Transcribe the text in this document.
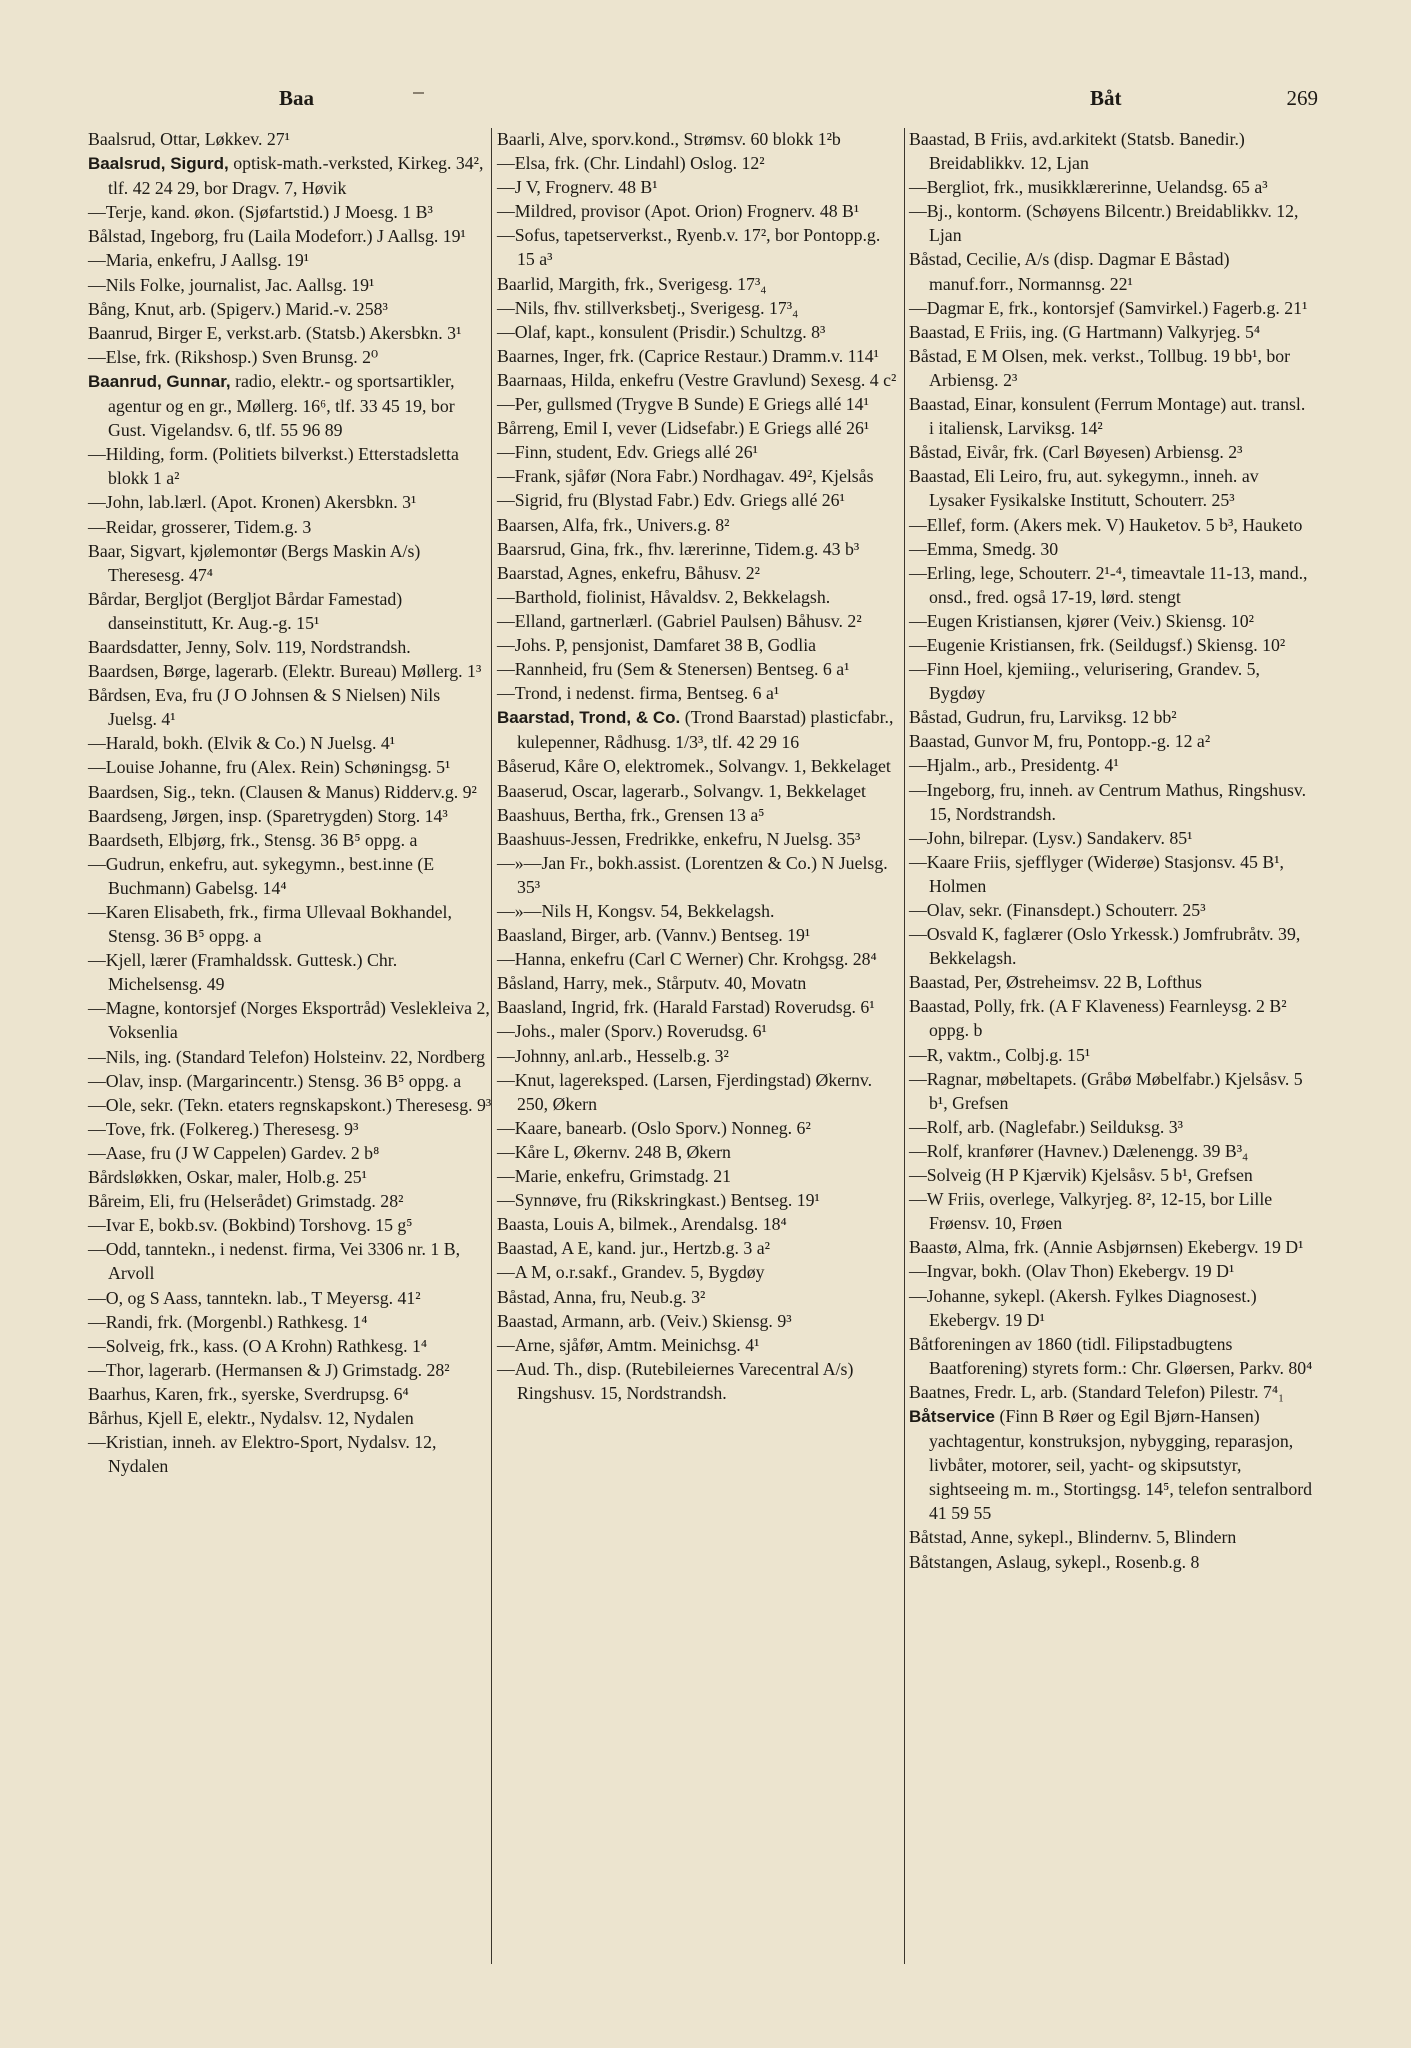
Baa	Båt	269

Baalsrud, Ottar, Løkkev. 27¹

Baalsrud, Sigurd, optisk-math.-verksted, Kirkeg. 34², tlf. 42 24 29, bor Dragv. 7, Høvik

—Terje, kand. økon. (Sjøfartstid.) J Moesg. 1 B³

Bålstad, Ingeborg, fru (Laila Modeforr.) J Aallsg. 19¹

—Maria, enkefru, J Aallsg. 19¹

—Nils Folke, journalist, Jac. Aallsg. 19¹

Bång, Knut, arb. (Spigerv.) Marid.-v. 258³

Baanrud, Birger E, verkst.arb. (Statsb.) Akersbkn. 3¹

—Else, frk. (Rikshosp.) Sven Brunsg. 2⁰

Baanrud, Gunnar, radio, elektr.- og sportsartikler, agentur og en gr., Møllerg. 16⁶, tlf. 33 45 19, bor Gust. Vigelandsv. 6, tlf. 55 96 89

—Hilding, form. (Politiets bilverkst.) Etterstadsletta blokk 1 a²

—John, lab.lærl. (Apot. Kronen) Akersbkn. 3¹

—Reidar, grosserer, Tidem.g. 3

Baar, Sigvart, kjølemontør (Bergs Maskin A/s) Theresesg. 47⁴

Bårdar, Bergljot (Bergljot Bårdar Famestad) danseinstitutt, Kr. Aug.-g. 15¹

Baardsdatter, Jenny, Solv. 119, Nordstrandsh.

Baardsen, Børge, lagerarb. (Elektr. Bureau) Møllerg. 1³

Bårdsen, Eva, fru (J O Johnsen & S Nielsen) Nils Juelsg. 4¹

—Harald, bokh. (Elvik & Co.) N Juelsg. 4¹

—Louise Johanne, fru (Alex. Rein) Schøningsg. 5¹

Baardsen, Sig., tekn. (Clausen & Manus) Ridderv.g. 9²

Baardseng, Jørgen, insp. (Sparetrygden) Storg. 14³

Baardseth, Elbjørg, frk., Stensg. 36 B⁵ oppg. a

—Gudrun, enkefru, aut. sykegymn., best.inne (E Buchmann) Gabelsg. 14⁴

—Karen Elisabeth, frk., firma Ullevaal Bokhandel, Stensg. 36 B⁵ oppg. a

—Kjell, lærer (Framhaldssk. Guttesk.) Chr. Michelsensg. 49

—Magne, kontorsjef (Norges Eksportråd) Veslekleiva 2, Voksenlia

—Nils, ing. (Standard Telefon) Holsteinv. 22, Nordberg

—Olav, insp. (Margarincentr.) Stensg. 36 B⁵ oppg. a

—Ole, sekr. (Tekn. etaters regnskapskont.) Theresesg. 9³

—Tove, frk. (Folkereg.) Theresesg. 9³

—Aase, fru (J W Cappelen) Gardev. 2 b⁸

Bårdsløkken, Oskar, maler, Holb.g. 25¹

Båreim, Eli, fru (Helserådet) Grimstadg. 28²

—Ivar E, bokb.sv. (Bokbind) Torshovg. 15 g⁵

—Odd, tanntekn., i nedenst. firma, Vei 3306 nr. 1 B, Arvoll

—O, og S Aass, tanntekn. lab., T Meyersg. 41²

—Randi, frk. (Morgenbl.) Rathkesg. 1⁴

—Solveig, frk., kass. (O A Krohn) Rathkesg. 1⁴

—Thor, lagerarb. (Hermansen & J) Grimstadg. 28²

Baarhus, Karen, frk., syerske, Sverdrupsg. 6⁴

Bårhus, Kjell E, elektr., Nydalsv. 12, Nydalen

—Kristian, inneh. av Elektro-Sport, Nydalsv. 12, Nydalen

Baarli, Alve, sporv.kond., Strømsv. 60 blokk 1²b

—Elsa, frk. (Chr. Lindahl) Oslog. 12²

—J V, Frognerv. 48 B¹

—Mildred, provisor (Apot. Orion) Frognerv. 48 B¹

—Sofus, tapetserverkst., Ryenb.v. 17², bor Pontopp.g. 15 a³

Baarlid, Margith, frk., Sverigesg. 17³₄

—Nils, fhv. stillverksbetj., Sverigesg. 17³₄

—Olaf, kapt., konsulent (Prisdir.) Schultzg. 8³

Baarnes, Inger, frk. (Caprice Restaur.) Dramm.v. 114¹

Baarnaas, Hilda, enkefru (Vestre Gravlund) Sexesg. 4 c²

—Per, gullsmed (Trygve B Sunde) E Griegs allé 14¹

Bårreng, Emil I, vever (Lidsefabr.) E Griegs allé 26¹

—Finn, student, Edv. Griegs allé 26¹

—Frank, sjåfør (Nora Fabr.) Nordhagav. 49², Kjelsås

—Sigrid, fru (Blystad Fabr.) Edv. Griegs allé 26¹

Baarsen, Alfa, frk., Univers.g. 8²

Baarsrud, Gina, frk., fhv. lærerinne, Tidem.g. 43 b³

Baarstad, Agnes, enkefru, Båhusv. 2²

—Barthold, fiolinist, Håvaldsv. 2, Bekkelagsh.

—Elland, gartnerlærl. (Gabriel Paulsen) Båhusv. 2²

—Johs. P, pensjonist, Damfaret 38 B, Godlia

—Rannheid, fru (Sem & Stenersen) Bentseg. 6 a¹

—Trond, i nedenst. firma, Bentseg. 6 a¹

Baarstad, Trond, & Co. (Trond Baarstad) plasticfabr., kulepenner, Rådhusg. 1/3³, tlf. 42 29 16

Båserud, Kåre O, elektromek., Solvangv. 1, Bekkelaget

Baaserud, Oscar, lagerarb., Solvangv. 1, Bekkelaget

Baashuus, Bertha, frk., Grensen 13 a⁵

Baashuus-Jessen, Fredrikke, enkefru, N Juelsg. 35³

—»—Jan Fr., bokh.assist. (Lorentzen & Co.) N Juelsg. 35³

—»—Nils H, Kongsv. 54, Bekkelagsh.

Baasland, Birger, arb. (Vannv.) Bentseg. 19¹

—Hanna, enkefru (Carl C Werner) Chr. Krohgsg. 28⁴

Båsland, Harry, mek., Stårputv. 40, Movatn

Baasland, Ingrid, frk. (Harald Farstad) Roverudsg. 6¹

—Johs., maler (Sporv.) Roverudsg. 6¹

—Johnny, anl.arb., Hesselb.g. 3²

—Knut, lagereksped. (Larsen, Fjerdingstad) Økernv. 250, Økern

—Kaare, banearb. (Oslo Sporv.) Nonneg. 6²

—Kåre L, Økernv. 248 B, Økern

—Marie, enkefru, Grimstadg. 21

—Synnøve, fru (Rikskringkast.) Bentseg. 19¹

Baasta, Louis A, bilmek., Arendalsg. 18⁴

Baastad, A E, kand. jur., Hertzb.g. 3 a²

—A M, o.r.sakf., Grandev. 5, Bygdøy

Båstad, Anna, fru, Neub.g. 3²

Baastad, Armann, arb. (Veiv.) Skiensg. 9³

—Arne, sjåfør, Amtm. Meinichsg. 4¹

—Aud. Th., disp. (Rutebileiernes Varecentral A/s) Ringshusv. 15, Nordstrandsh.

Baastad, B Friis, avd.arkitekt (Statsb. Banedir.) Breidablikkv. 12, Ljan

—Bergliot, frk., musikklærerinne, Uelandsg. 65 a³

—Bj., kontorm. (Schøyens Bilcentr.) Breidablikkv. 12, Ljan

Båstad, Cecilie, A/s (disp. Dagmar E Båstad) manuf.forr., Normannsg. 22¹

—Dagmar E, frk., kontorsjef (Samvirkel.) Fagerb.g. 21¹

Baastad, E Friis, ing. (G Hartmann) Valkyrjeg. 5⁴

Båstad, E M Olsen, mek. verkst., Tollbug. 19 bb¹, bor Arbiensg. 2³

Baastad, Einar, konsulent (Ferrum Montage) aut. transl. i italiensk, Larviksg. 14²

Båstad, Eivår, frk. (Carl Bøyesen) Arbiensg. 2³

Baastad, Eli Leiro, fru, aut. sykegymn., inneh. av Lysaker Fysikalske Institutt, Schouterr. 25³

—Ellef, form. (Akers mek. V) Hauketov. 5 b³, Hauketo

—Emma, Smedg. 30

—Erling, lege, Schouterr. 2¹-⁴, timeavtale 11-13, mand., onsd., fred. også 17-19, lørd. stengt

—Eugen Kristiansen, kjører (Veiv.) Skiensg. 10²

—Eugenie Kristiansen, frk. (Seildugsf.) Skiensg. 10²

—Finn Hoel, kjemiing., velurisering, Grandev. 5, Bygdøy

Båstad, Gudrun, fru, Larviksg. 12 bb²

Baastad, Gunvor M, fru, Pontopp.-g. 12 a²

—Hjalm., arb., Presidentg. 4¹

—Ingeborg, fru, inneh. av Centrum Mathus, Ringshusv. 15, Nordstrandsh.

—John, bilrepar. (Lysv.) Sandakerv. 85¹

—Kaare Friis, sjefflyger (Widerøe) Stasjonsv. 45 B¹, Holmen

—Olav, sekr. (Finansdept.) Schouterr. 25³

—Osvald K, faglærer (Oslo Yrkessk.) Jomfrubråtv. 39, Bekkelagsh.

Baastad, Per, Østreheimsv. 22 B, Lofthus

Baastad, Polly, frk. (A F Klaveness) Fearnleysg. 2 B² oppg. b

—R, vaktm., Colbj.g. 15¹

—Ragnar, møbeltapets. (Gråbø Møbelfabr.) Kjelsåsv. 5 b¹, Grefsen

—Rolf, arb. (Naglefabr.) Seilduksg. 3³

—Rolf, kranfører (Havnev.) Dælenengg. 39 B³₄

—Solveig (H P Kjærvik) Kjelsåsv. 5 b¹, Grefsen

—W Friis, overlege, Valkyrjeg. 8², 12-15, bor Lille Frøensv. 10, Frøen

Baastø, Alma, frk. (Annie Asbjørnsen) Ekebergv. 19 D¹

—Ingvar, bokh. (Olav Thon) Ekebergv. 19 D¹

—Johanne, sykepl. (Akersh. Fylkes Diagnosest.) Ekebergv. 19 D¹

Båtforeningen av 1860 (tidl. Filipstadbugtens Baatforening) styrets form.: Chr. Gløersen, Parkv. 80⁴

Baatnes, Fredr. L, arb. (Standard Telefon) Pilestr. 7⁴₁

Båtservice (Finn B Røer og Egil Bjørn-Hansen) yachtagentur, konstruksjon, nybygging, reparasjon, livbåter, motorer, seil, yacht- og skipsutstyr, sightseeing m. m., Stortingsg. 14⁵, telefon sentralbord 41 59 55

Båtstad, Anne, sykepl., Blindernv. 5, Blindern

Båtstangen, Aslaug, sykepl., Rosenb.g. 8
